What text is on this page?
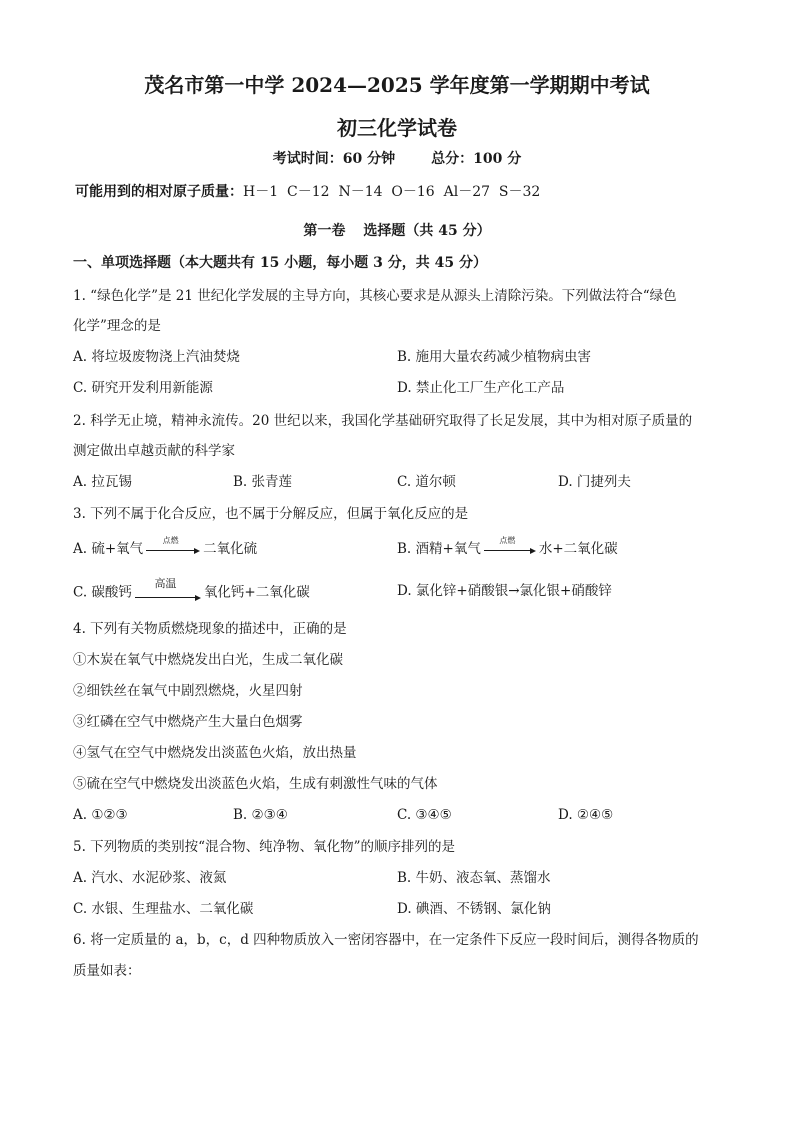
茂名市第一中学 2024—2025 学年度第一学期期中考试
初三化学试卷
考试时间：60 分钟	总分：100 分
可能用到的相对原子质量：H－1  C－12  N－14  O－16  Al－27  S－32
第一卷 选择题（共 45 分）
一、单项选择题（本大题共有 15 小题，每小题 3 分，共 45 分）
1. “绿色化学”是 21 世纪化学发展的主导方向，其核心要求是从源头上清除污染。下列做法符合“绿色
化学”理念的是
A. 将垃圾废物浇上汽油焚烧	B. 施用大量农药减少植物病虫害
C. 研究开发利用新能源	D. 禁止化工厂生产化工产品
2. 科学无止境，精神永流传。20 世纪以来，我国化学基础研究取得了长足发展，其中为相对原子质量的
测定做出卓越贡献的科学家
A. 拉瓦锡	B. 张青莲	C. 道尔顿	D. 门捷列夫
3. 下列不属于化合反应，也不属于分解反应，但属于氧化反应的是
A. 硫+氧气
点燃
二氧化硫	B. 酒精+氧气
点燃
水+二氧化碳
C. 碳酸钙
高温
氧化钙+二氧化碳	D. 氯化锌+硝酸银→氯化银+硝酸锌
4. 下列有关物质燃烧现象的描述中，正确的是
①木炭在氧气中燃烧发出白光，生成二氧化碳
②细铁丝在氧气中剧烈燃烧，火星四射
③红磷在空气中燃烧产生大量白色烟雾
④氢气在空气中燃烧发出淡蓝色火焰，放出热量
⑤硫在空气中燃烧发出淡蓝色火焰，生成有刺激性气味的气体
A. ①②③	B. ②③④	C. ③④⑤	D. ②④⑤
5. 下列物质的类别按“混合物、纯净物、氧化物”的顺序排列的是
A. 汽水、水泥砂浆、液氮	B. 牛奶、液态氧、蒸馏水
C. 水银、生理盐水、二氧化碳	D. 碘酒、不锈钢、氯化钠
6. 将一定质量的 a，b，c，d 四种物质放入一密闭容器中，在一定条件下反应一段时间后，测得各物质的
质量如表：
